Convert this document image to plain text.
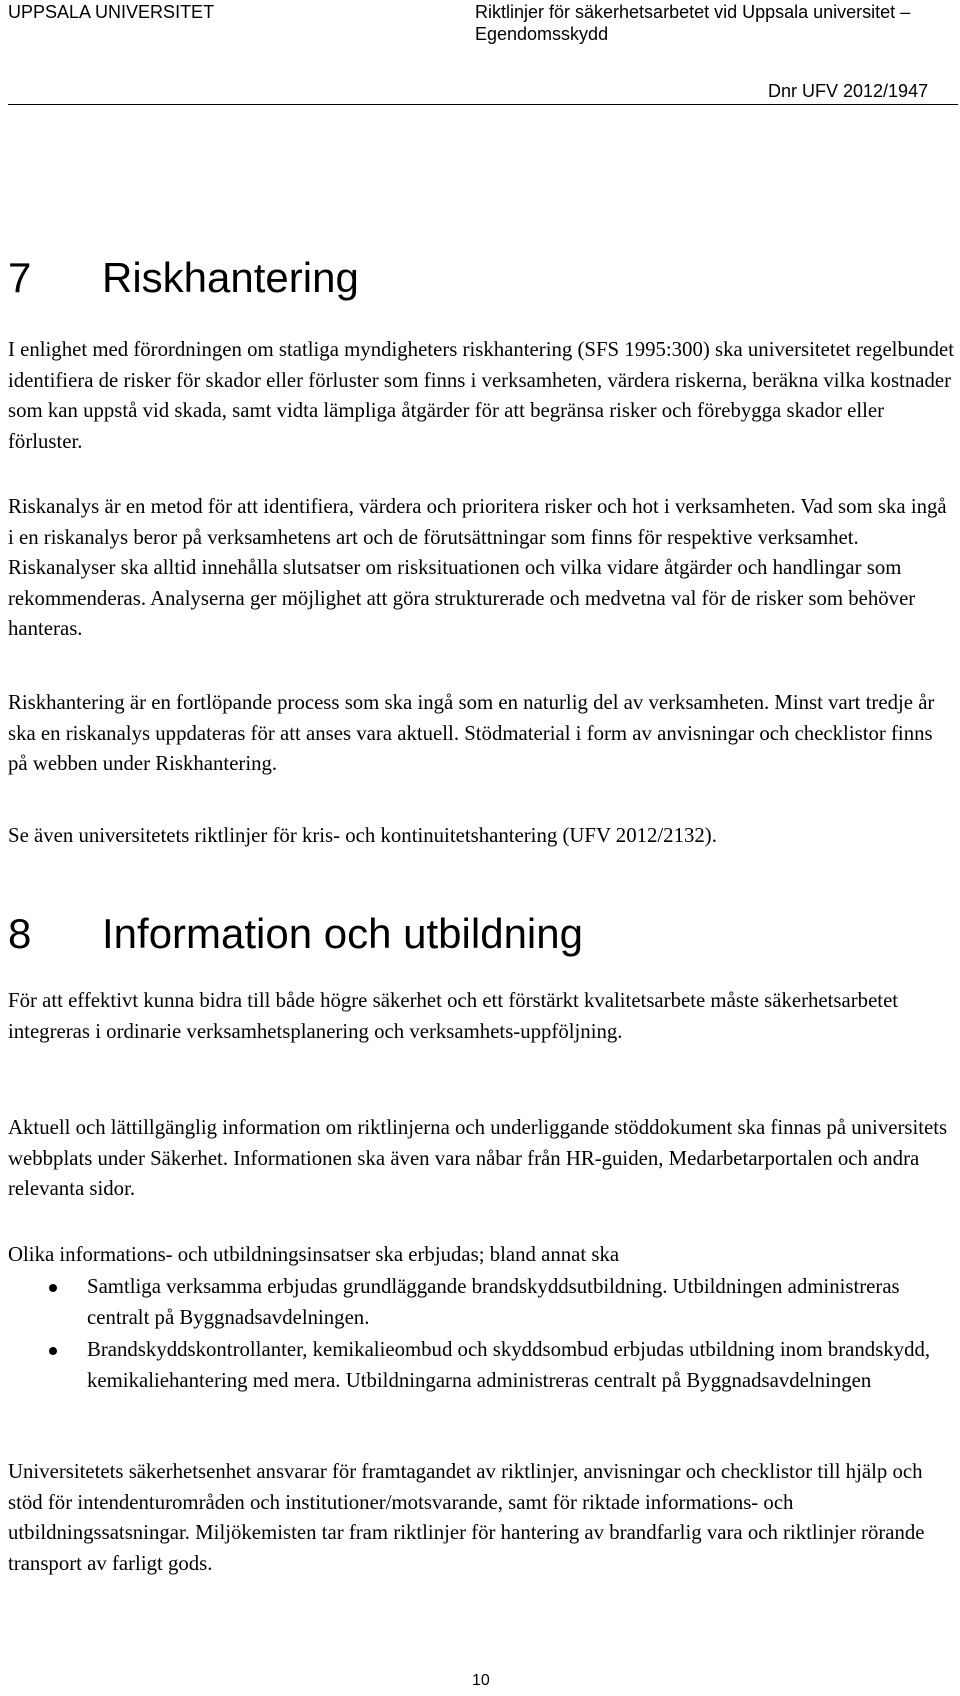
UPPSALA UNIVERSITET	Riktlinjer för säkerhetsarbetet vid Uppsala universitet – Egendomsskydd
Dnr UFV 2012/1947
7 Riskhantering

I enlighet med förordningen om statliga myndigheters riskhantering (SFS 1995:300) ska universitetet regelbundet identifiera de risker för skador eller förluster som finns i verksamheten, värdera riskerna, beräkna vilka kostnader som kan uppstå vid skada, samt vidta lämpliga åtgärder för att begränsa risker och förebygga skador eller förluster.

Riskanalys är en metod för att identifiera, värdera och prioritera risker och hot i verksamheten. Vad som ska ingå i en riskanalys beror på verksamhetens art och de förutsättningar som finns för respektive verksamhet. Riskanalyser ska alltid innehålla slutsatser om risksituationen och vilka vidare åtgärder och handlingar som rekommenderas. Analyserna ger möjlighet att göra strukturerade och medvetna val för de risker som behöver hanteras.

Riskhantering är en fortlöpande process som ska ingå som en naturlig del av verksamheten. Minst vart tredje år ska en riskanalys uppdateras för att anses vara aktuell. Stödmaterial i form av anvisningar och checklistor finns på webben under Riskhantering.

Se även universitetets riktlinjer för kris- och kontinuitetshantering (UFV 2012/2132).

8 Information och utbildning

För att effektivt kunna bidra till både högre säkerhet och ett förstärkt kvalitetsarbete måste säkerhetsarbetet integreras i ordinarie verksamhetsplanering och verksamhets-uppföljning.

Aktuell och lättillgänglig information om riktlinjerna och underliggande stöddokument ska finnas på universitets webbplats under Säkerhet. Informationen ska även vara nåbar från HR-guiden, Medarbetarportalen och andra relevanta sidor.

Olika informations- och utbildningsinsatser ska erbjudas; bland annat ska

Samtliga verksamma erbjudas grundläggande brandskyddsutbildning. Utbildningen administreras centralt på Byggnadsavdelningen.
Brandskyddskontrollanter, kemikalieombud och skyddsombud erbjudas utbildning inom brandskydd, kemikaliehantering med mera. Utbildningarna administreras centralt på Byggnadsavdelningen

Universitetets säkerhetsenhet ansvarar för framtagandet av riktlinjer, anvisningar och checklistor till hjälp och stöd för intendenturområden och institutioner/motsvarande, samt för riktade informations- och utbildningssatsningar. Miljökemisten tar fram riktlinjer för hantering av brandfarlig vara och riktlinjer rörande transport av farligt gods.

10
